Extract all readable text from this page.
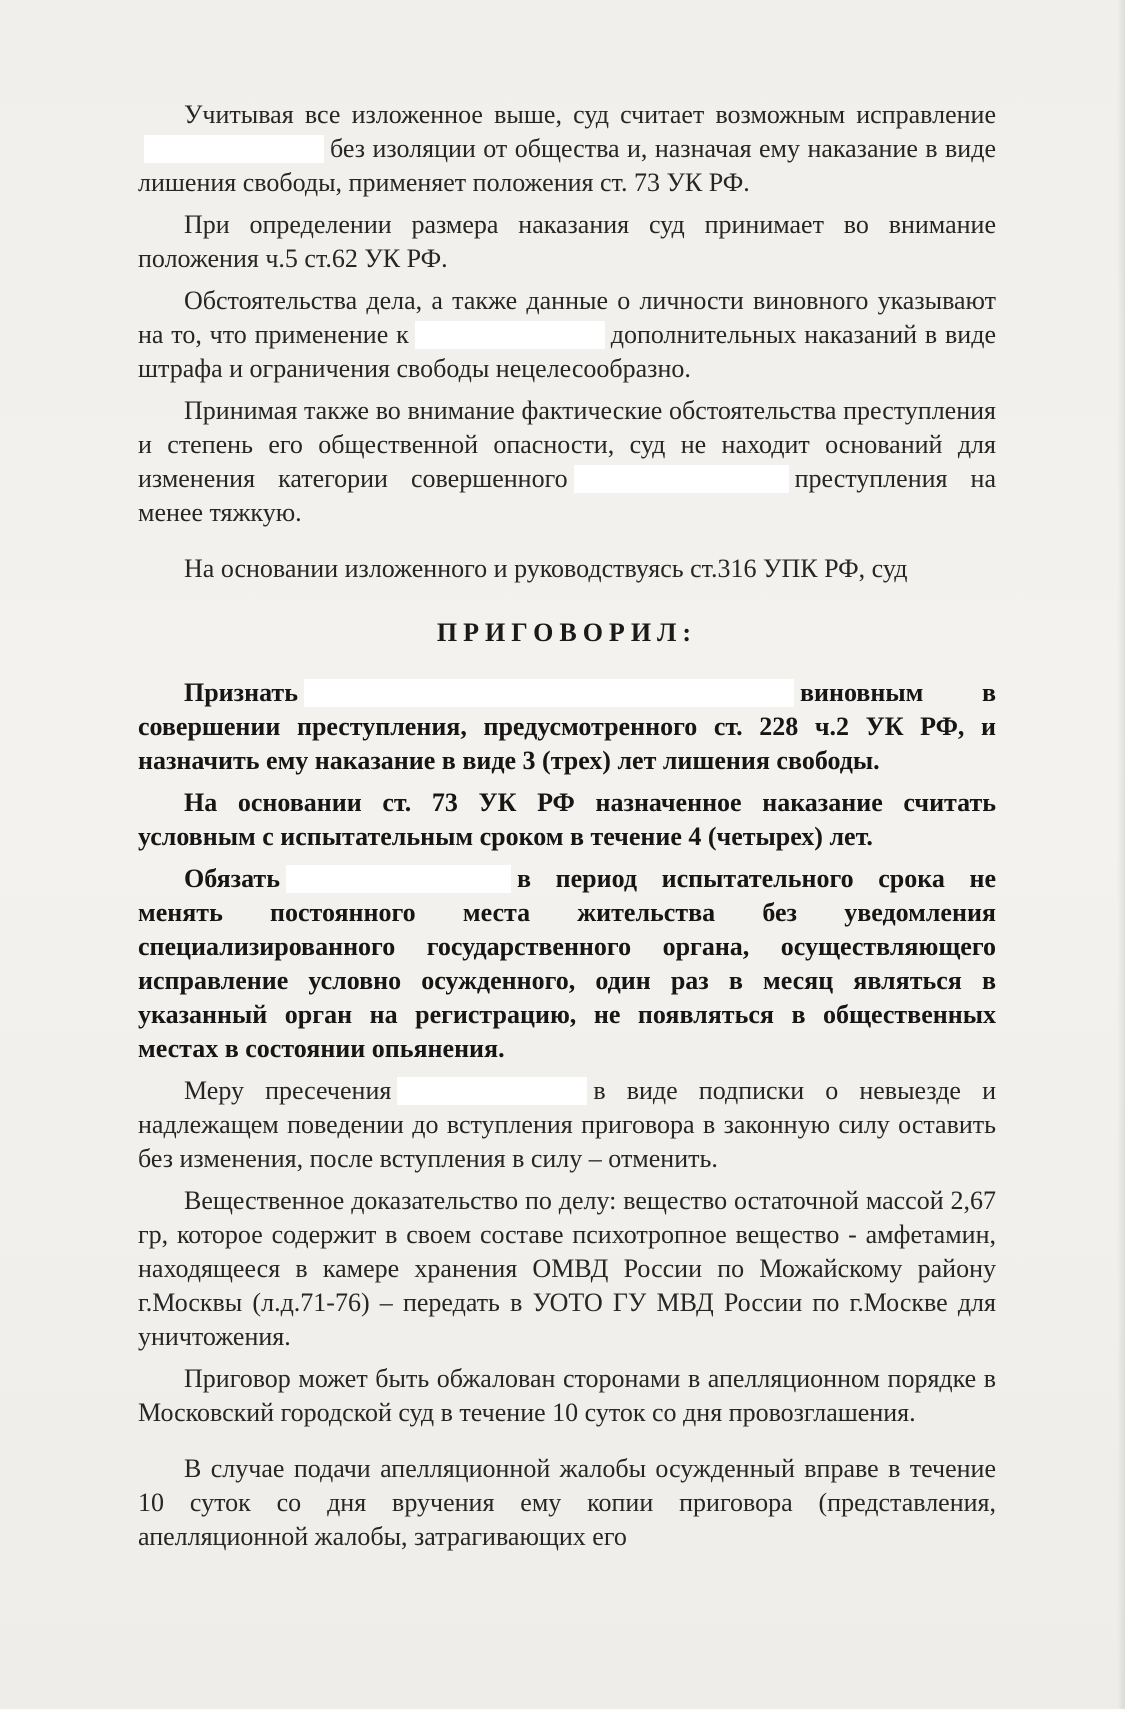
Учитывая все изложенное выше, суд считает возможным исправлениебез изоляции от общества и, назначая ему наказание в виде лишения свободы, применяет положения ст. 73 УК РФ.

При определении размера наказания суд принимает во внимание положения ч.5 ст.62 УК РФ.

Обстоятельства дела, а также данные о личности виновного указывают на то, что применение к	дополнительных наказаний в виде штрафа и ограничения свободы нецелесообразно.

Принимая также во внимание фактические обстоятельства преступления и степень его общественной опасности, суд не находит оснований для изменения категории совершенного	преступления на менее тяжкую.

На основании изложенного и руководствуясь ст.316 УПК РФ, суд

ПРИГОВОРИЛ:

Признать	виновным в совершении преступления, предусмотренного ст. 228 ч.2 УК РФ, и назначить ему наказание в виде 3 (трех) лет лишения свободы.

На основании ст. 73 УК РФ назначенное наказание считать условным с испытательным сроком в течение 4 (четырех) лет.

Обязать	в период испытательного срока не менять постоянного места жительства без уведомления специализированного государственного органа, осуществляющего исправление условно осужденного, один раз в месяц являться в указанный орган на регистрацию, не появляться в общественных местах в состоянии опьянения.

Меру пресечения	в виде подписки о невыезде и надлежащем поведении до вступления приговора в законную силу оставить без изменения, после вступления в силу – отменить.

Вещественное доказательство по делу: вещество остаточной массой 2,67 гр, которое содержит в своем составе психотропное вещество - амфетамин, находящееся в камере хранения ОМВД России по Можайскому району г.Москвы (л.д.71-76) – передать в УОТО ГУ МВД России по г.Москве для уничтожения.

Приговор может быть обжалован сторонами в апелляционном порядке в Московский городской суд в течение 10 суток со дня провозглашения.

В случае подачи апелляционной жалобы осужденный вправе в течение 10 суток со дня вручения ему копии приговора (представления, апелляционной жалобы, затрагивающих его
